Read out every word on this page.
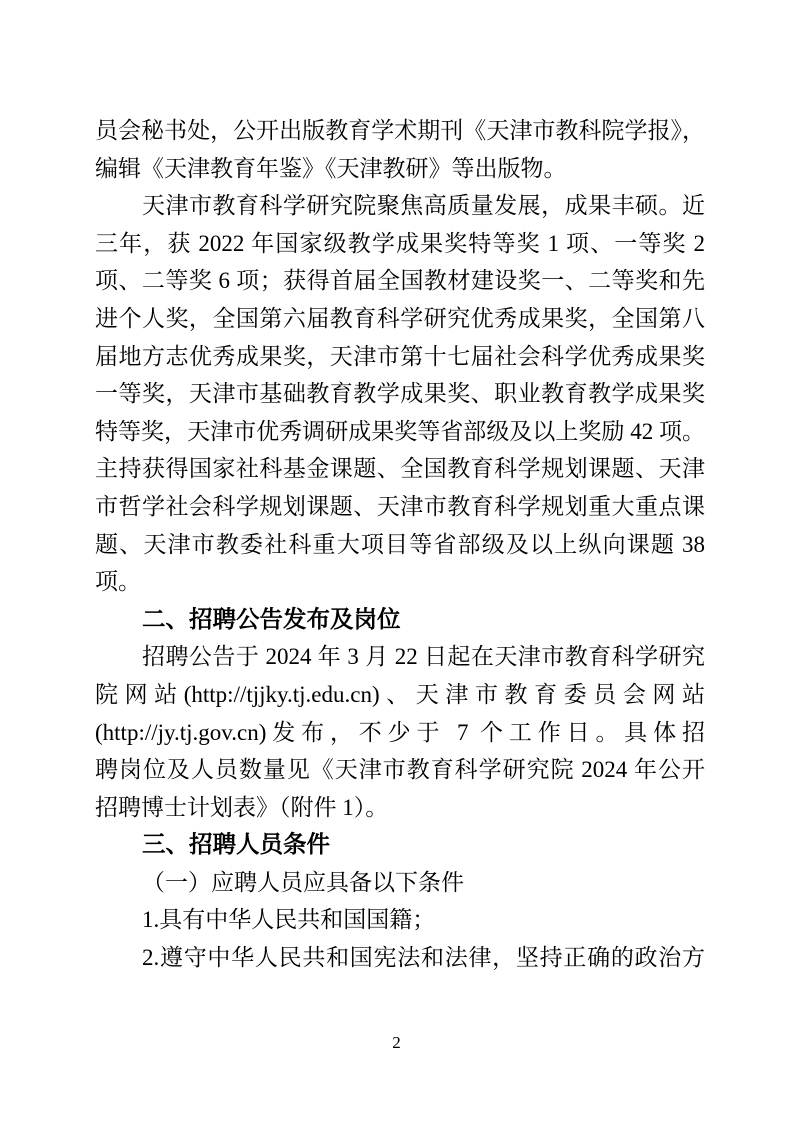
员会秘书处，公开出版教育学术期刊《天津市教科院学报》，
编辑《天津教育年鉴》《天津教研》等出版物。
天津市教育科学研究院聚焦高质量发展，成果丰硕。近
三年，获 2022 年国家级教学成果奖特等奖 1 项、一等奖 2
项、二等奖 6 项；获得首届全国教材建设奖一、二等奖和先
进个人奖，全国第六届教育科学研究优秀成果奖，全国第八
届地方志优秀成果奖，天津市第十七届社会科学优秀成果奖
一等奖，天津市基础教育教学成果奖、职业教育教学成果奖
特等奖，天津市优秀调研成果奖等省部级及以上奖励 42 项。
主持获得国家社科基金课题、全国教育科学规划课题、天津
市哲学社会科学规划课题、天津市教育科学规划重大重点课
题、天津市教委社科重大项目等省部级及以上纵向课题 38
项。
二、招聘公告发布及岗位
招聘公告于 2024 年 3 月 22 日起在天津市教育科学研究
院网站(http://tjjky.tj.edu.cn)、天津市教育委员会网站
(http://jy.tj.gov.cn)发布，不少于 7 个工作日。具体招
聘岗位及人员数量见《天津市教育科学研究院 2024 年公开
招聘博士计划表》（附件 1）。
三、招聘人员条件
（一）应聘人员应具备以下条件
1.具有中华人民共和国国籍；
2.遵守中华人民共和国宪法和法律，坚持正确的政治方
2
